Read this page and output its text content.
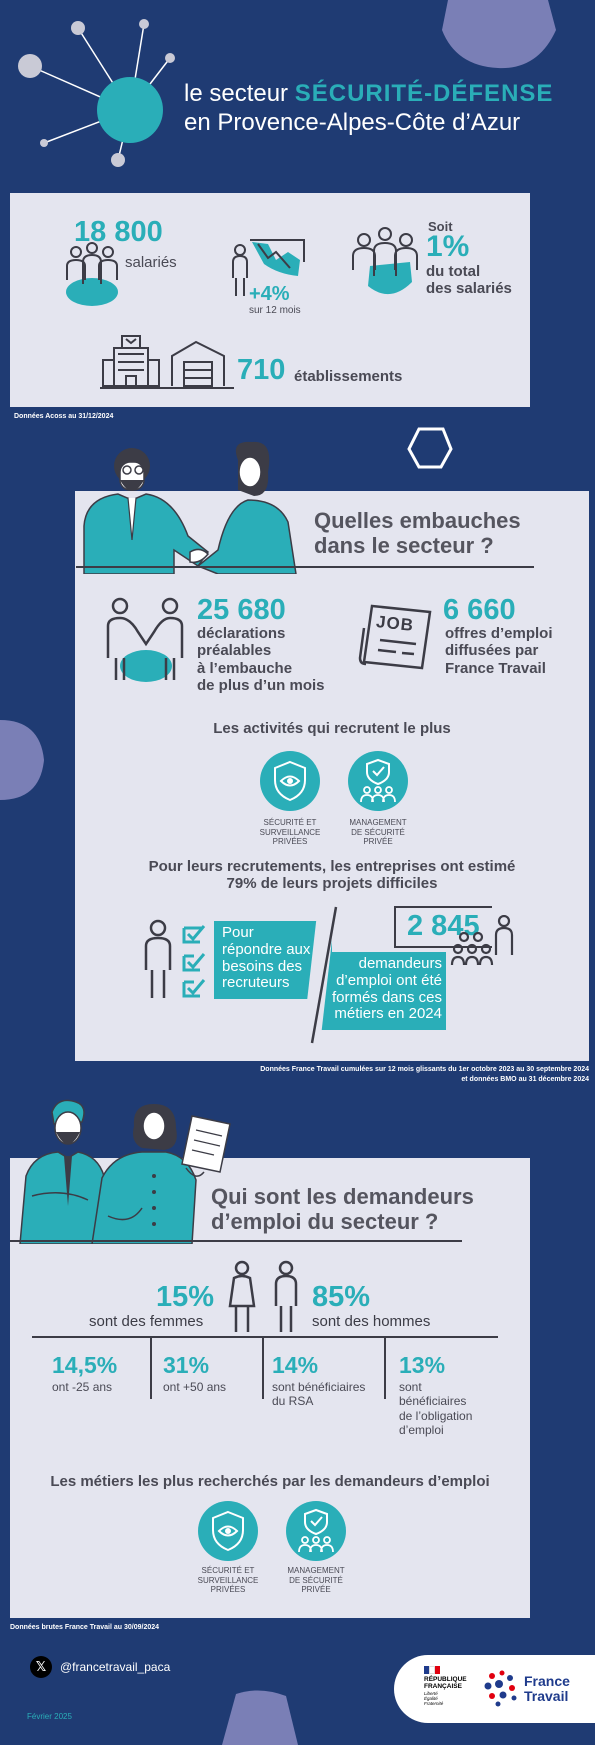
le secteur SÉCURITÉ-DÉFENSE
en Provence-Alpes-Côte d’Azur
18 800
salariés
+4%
sur 12 mois
Soit
1%
du total
des salariés
710 établissements
Données Acoss au 31/12/2024
Quelles embauches
dans le secteur ?
25 680
déclarations
préalables
à l’embauche
de plus d’un mois
JOB 6 660
offres d’emploi
diffusées par
France Travail
Les activités qui recrutent le plus
SÉCURITÉ ET
SURVEILLANCE
PRIVÉES
MANAGEMENT
DE SÉCURITÉ
PRIVÉE
Pour leurs recrutements, les entreprises ont estimé
79% de leurs projets difficiles
Pour
répondre aux
besoins des
recruteurs
demandeurs
d’emploi ont été
formés dans ces
métiers en 2024
2 845
Données France Travail cumulées sur 12 mois glissants du 1er octobre 2023 au 30 septembre 2024
et données BMO au 31 décembre 2024
Qui sont les demandeurs
d’emploi du secteur ?
15%
sont des femmes
85%
sont des hommes
14,5%
ont -25 ans
31%
ont +50 ans
14%
sont bénéficiaires
du RSA
13%
sont
bénéficiaires
de l’obligation
d’emploi
Les métiers les plus recherchés par les demandeurs d’emploi
SÉCURITÉ ET
SURVEILLANCE
PRIVÉES
MANAGEMENT
DE SÉCURITÉ
PRIVÉE
Données brutes France Travail au 30/09/2024
𝕏	@francetravail_paca
Février 2025
RÉPUBLIQUE
FRANÇAISE
Liberté
Égalité
Fraternité
France
Travail
